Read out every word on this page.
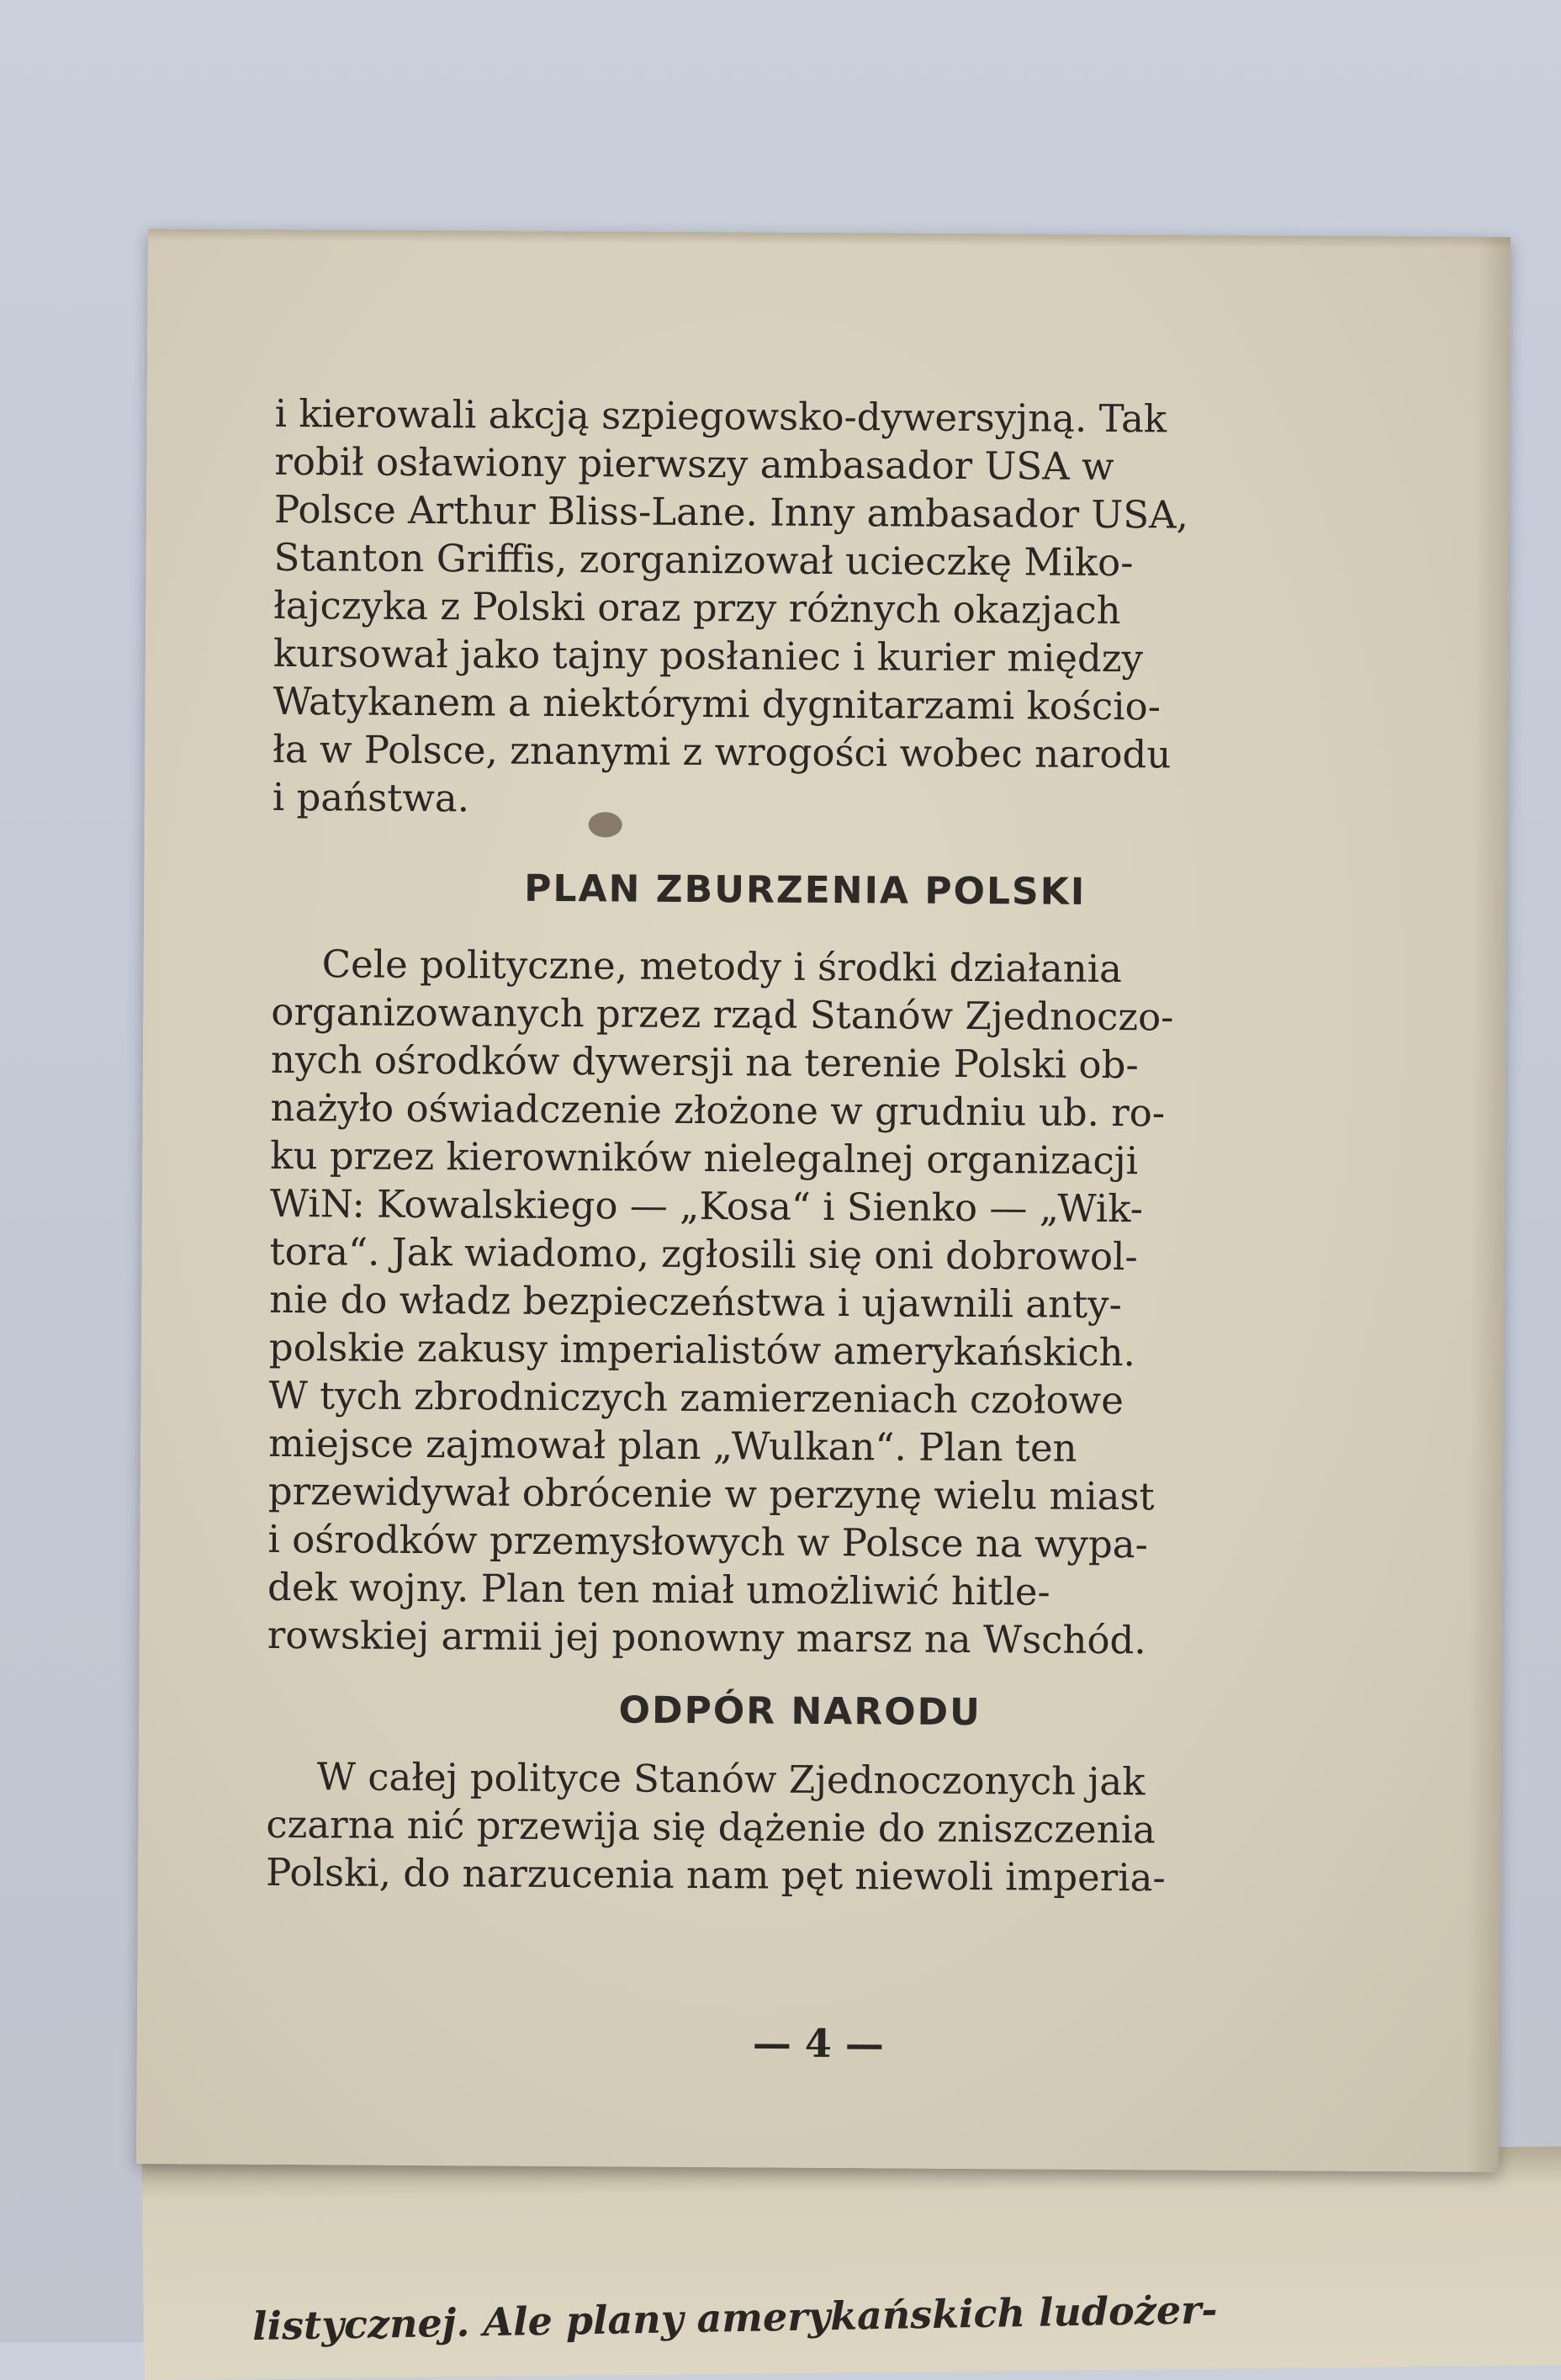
listycznej. Ale plany amerykańskich ludożer-

i kierowali akcją szpiegowsko-dywersyjną. Tak
robił osławiony pierwszy ambasador USA w
Polsce Arthur Bliss-Lane. Inny ambasador USA,
Stanton Griffis, zorganizował ucieczkę Miko-
łajczyka z Polski oraz przy różnych okazjach
kursował jako tajny posłaniec i kurier między
Watykanem a niektórymi dygnitarzami kościo-
ła w Polsce, znanymi z wrogości wobec narodu
i państwa.

PLAN ZBURZENIA POLSKI

Cele polityczne, metody i środki działania
organizowanych przez rząd Stanów Zjednoczo-
nych ośrodków dywersji na terenie Polski ob-
nażyło oświadczenie złożone w grudniu ub. ro-
ku przez kierowników nielegalnej organizacji
WiN: Kowalskiego — „Kosa“ i Sienko — „Wik-
tora“. Jak wiadomo, zgłosili się oni dobrowol-
nie do władz bezpieczeństwa i ujawnili anty-
polskie zakusy imperialistów amerykańskich.
W tych zbrodniczych zamierzeniach czołowe
miejsce zajmował plan „Wulkan“. Plan ten
przewidywał obrócenie w perzynę wielu miast
i ośrodków przemysłowych w Polsce na wypa-
dek wojny. Plan ten miał umożliwić hitle-
rowskiej armii jej ponowny marsz na Wschód.

ODPÓR NARODU

W całej polityce Stanów Zjednoczonych jak
czarna nić przewija się dążenie do zniszczenia
Polski, do narzucenia nam pęt niewoli imperia-

— 4 —
